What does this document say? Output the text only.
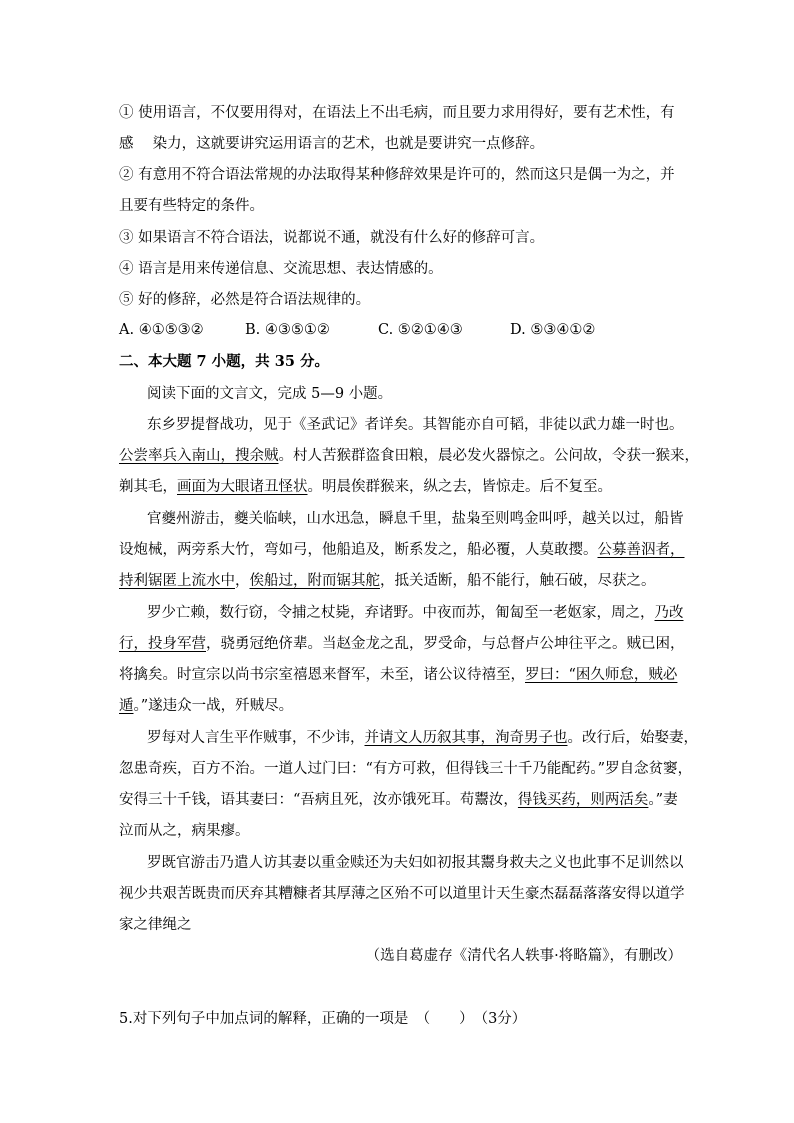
① 使用语言，不仅要用得对，在语法上不出毛病，而且要力求用得好，要有艺术性，有
感　 染力，这就要讲究运用语言的艺术，也就是要讲究一点修辞。
② 有意用不符合语法常规的办法取得某种修辞效果是许可的，然而这只是偶一为之，并
且要有些特定的条件。
③ 如果语言不符合语法，说都说不通，就没有什么好的修辞可言。
④ 语言是用来传递信息、交流思想、表达情感的。
⑤ 好的修辞，必然是符合语法规律的。
A. ④①⑤③②	B. ④③⑤①②	C. ⑤②①④③	D. ⑤③④①②
二、本大题 7 小题，共 35 分。
阅读下面的文言文，完成 5—9 小题。
东乡罗提督战功，见于《圣武记》者详矣。其智能亦自可韬，非徒以武力雄一时也。
公尝率兵入南山，搜余贼。村人苦猴群盗食田粮，晨必发火器惊之。公问故，令获一猴来，
剃其毛，画面为大眼诸丑怪状。明晨俟群猴来，纵之去，皆惊走。后不复至。
官夔州游击，夔关临峡，山水迅急，瞬息千里，盐枭至则鸣金叫呼，越关以过，船皆
设炮械，两旁系大竹，弯如弓，他船追及，断系发之，船必覆，人莫敢撄。公募善泅者，
持利锯匿上流水中，俟船过，附而锯其舵，抵关适断，船不能行，触石破，尽获之。
罗少亡赖，数行窃，令捕之杖毙，弃诸野。中夜而苏，匍匐至一老妪家，周之，乃改
行，投身军营，骁勇冠绝侪辈。当赵金龙之乱，罗受命，与总督卢公坤往平之。贼已困，
将擒矣。时宣宗以尚书宗室禧恩来督军，未至，诸公议待禧至，罗曰：“困久师怠，贼必
遁。”遂违众一战，歼贼尽。
罗每对人言生平作贼事，不少讳，并请文人历叙其事，洵奇男子也。改行后，始娶妻，
忽患奇疾，百方不治。一道人过门曰：“有方可救，但得钱三十千乃能配药。”罗自念贫窭，
安得三十千钱，语其妻曰：“吾病且死，汝亦饿死耳。苟鬻汝，得钱买药，则两活矣。”妻
泣而从之，病果瘳。
罗既官游击乃遣人访其妻以重金赎还为夫妇如初报其鬻身救夫之义也此事不足训然以
视少共艰苦既贵而厌弃其糟糠者其厚薄之区殆不可以道里计天生豪杰磊磊落落安得以道学
家之律绳之
（选自葛虚存《清代名人轶事·将略篇》，有删改）
5.对下列句子中加点词的解释，正确的一项是　（　　）　（3分）
